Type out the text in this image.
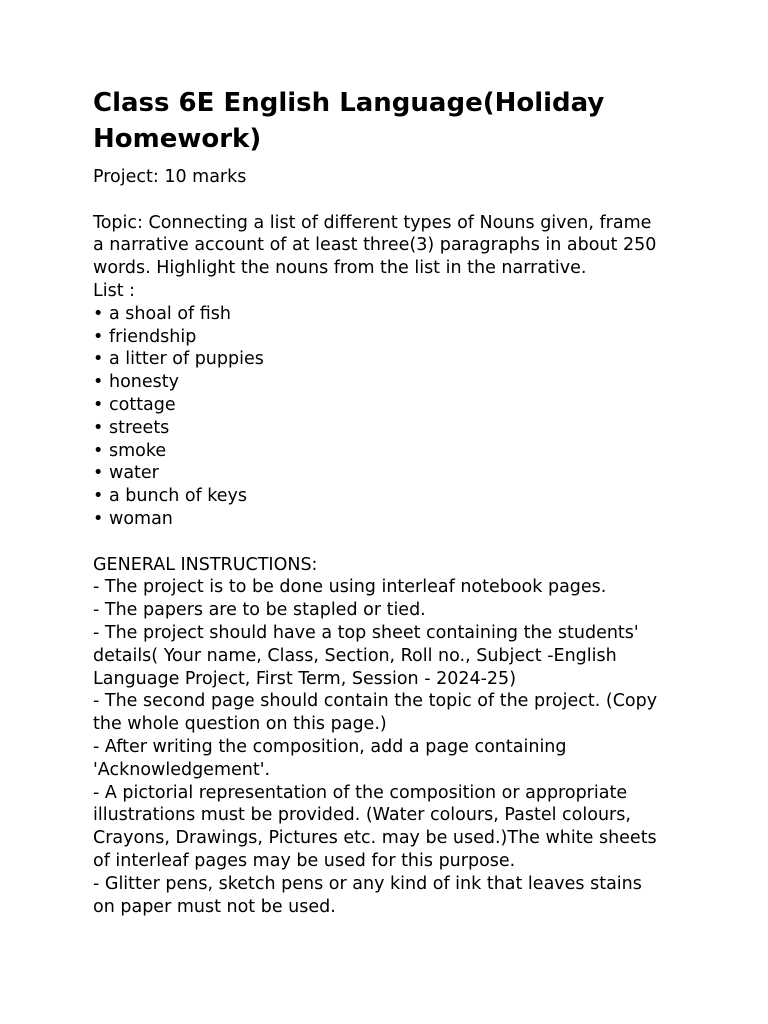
Class 6E English Language(Holiday
Homework)
Project: 10 marks
Topic: Connecting a list of different types of Nouns given, frame
a narrative account of at least three(3) paragraphs in about 250
words. Highlight the nouns from the list in the narrative.
List :
• a shoal of fish
• friendship
• a litter of puppies
• honesty
• cottage
• streets
• smoke
• water
• a bunch of keys
• woman
GENERAL INSTRUCTIONS:
- The project is to be done using interleaf notebook pages.
- The papers are to be stapled or tied.
- The project should have a top sheet containing the students'
details( Your name, Class, Section, Roll no., Subject -English
Language Project, First Term, Session - 2024-25)
- The second page should contain the topic of the project. (Copy
the whole question on this page.)
- After writing the composition, add a page containing
'Acknowledgement'.
- A pictorial representation of the composition or appropriate
illustrations must be provided. (Water colours, Pastel colours,
Crayons, Drawings, Pictures etc. may be used.)The white sheets
of interleaf pages may be used for this purpose.
- Glitter pens, sketch pens or any kind of ink that leaves stains
on paper must not be used.
